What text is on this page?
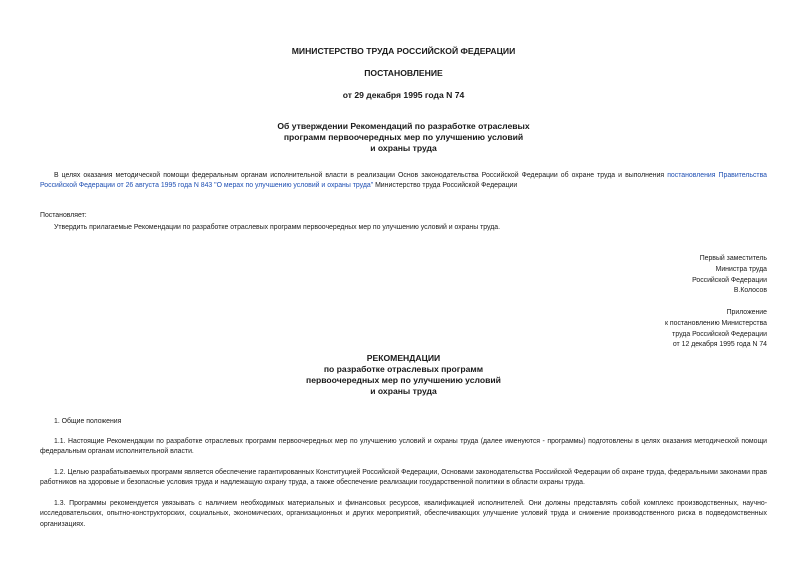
МИНИСТЕРСТВО ТРУДА РОССИЙСКОЙ ФЕДЕРАЦИИ
ПОСТАНОВЛЕНИЕ
от 29 декабря 1995 года N 74
Об утверждении Рекомендаций по разработке отраслевых
программ первоочередных мер по улучшению условий
и охраны труда
В целях оказания методической помощи федеральным органам исполнительной власти в реализации Основ законодательства Российской Федерации об охране труда и выполнения постановления Правительства Российской Федерации от 26 августа 1995 года N 843 "О мерах по улучшению условий и охраны труда" Министерство труда Российской Федерации
Постановляет:
Утвердить прилагаемые Рекомендации по разработке отраслевых программ первоочередных мер по улучшению условий и охраны труда.
Первый заместитель
Министра труда
Российской Федерации
В.Колосов
Приложение
к постановлению Министерства
труда Российской Федерации
от 12 декабря 1995 года N 74
РЕКОМЕНДАЦИИ
по разработке отраслевых программ
первоочередных мер по улучшению условий
и охраны труда
1. Общие положения
1.1. Настоящие Рекомендации по разработке отраслевых программ первоочередных мер по улучшению условий и охраны труда (далее именуются - программы) подготовлены в целях оказания методической помощи федеральным органам исполнительной власти.
1.2. Целью разрабатываемых программ является обеспечение гарантированных Конституцией Российской Федерации, Основами законодательства Российской Федерации об охране труда, федеральными законами прав работников на здоровые и безопасные условия труда и надлежащую охрану труда, а также обеспечение реализации государственной политики в области охраны труда.
1.3. Программы рекомендуется увязывать с наличием необходимых материальных и финансовых ресурсов, квалификацией исполнителей. Они должны представлять собой комплекс производственных, научно-исследовательских, опытно-конструкторских, социальных, экономических, организационных и других мероприятий, обеспечивающих улучшение условий труда и снижение производственного риска в подведомственных организациях.
